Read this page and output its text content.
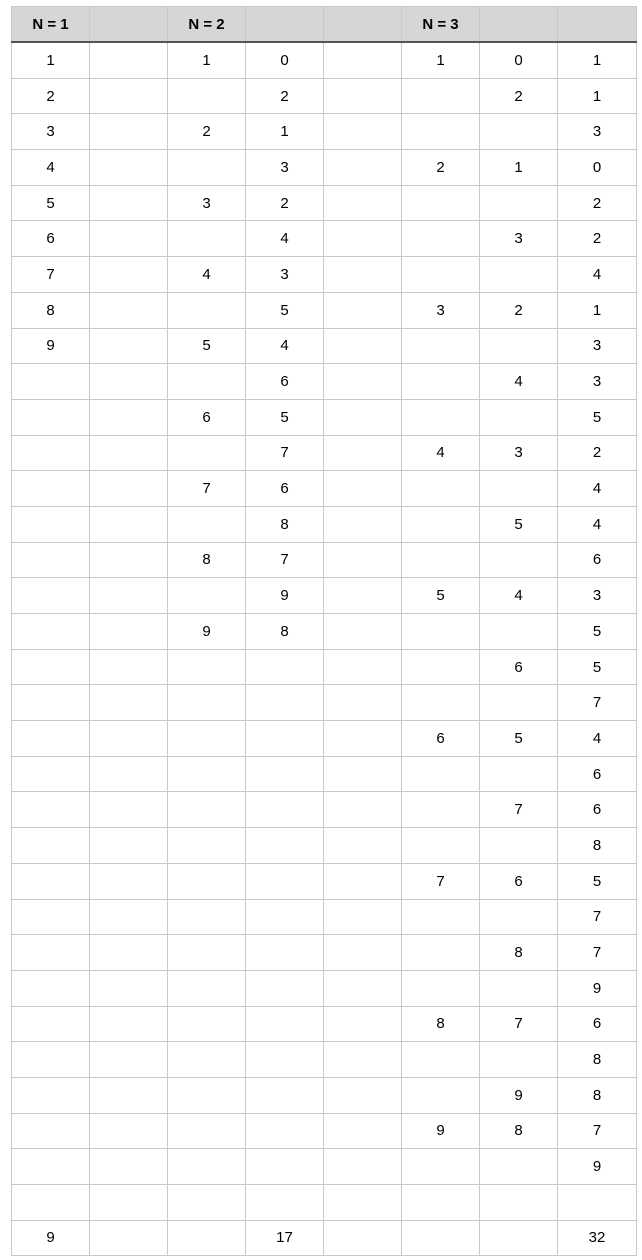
N = 1		N = 2			N = 3		
1		1	0		1	0	1
2			2			2	1
3		2	1				3
4			3		2	1	0
5		3	2				2
6			4			3	2
7		4	3				4
8			5		3	2	1
9		5	4				3
			6			4	3
		6	5				5
			7		4	3	2
		7	6				4
			8			5	4
		8	7				6
			9		5	4	3
		9	8				5
						6	5
							7
					6	5	4
							6
						7	6
							8
					7	6	5
							7
						8	7
							9
					8	7	6
							8
						9	8
					9	8	7
							9

9			17				32
